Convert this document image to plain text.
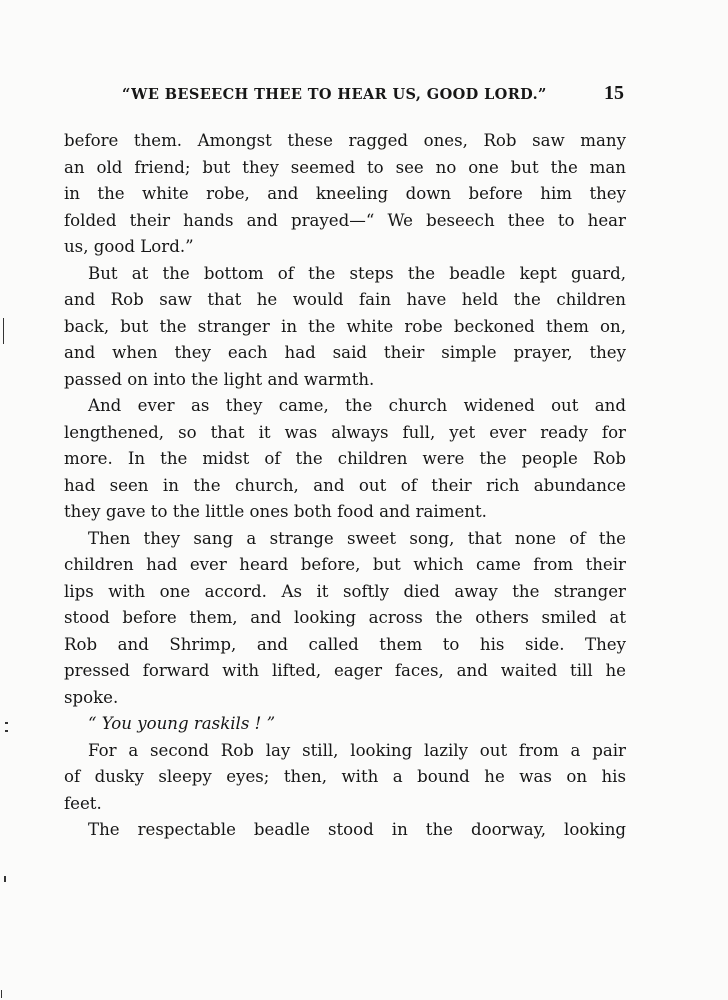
“WE BESEECH THEE TO HEAR US, GOOD LORD.”	15
before them. Amongst these ragged ones, Rob saw many
an old friend; but they seemed to see no one but the man
in the white robe, and kneeling down before him they
folded their hands and prayed—“ We beseech thee to hear
us, good Lord.”
But at the bottom of the steps the beadle kept guard,
and Rob saw that he would fain have held the children
back, but the stranger in the white robe beckoned them on,
and when they each had said their simple prayer, they
passed on into the light and warmth.
And ever as they came, the church widened out and
lengthened, so that it was always full, yet ever ready for
more. In the midst of the children were the people Rob
had seen in the church, and out of their rich abundance
they gave to the little ones both food and raiment.
Then they sang a strange sweet song, that none of the
children had ever heard before, but which came from their
lips with one accord. As it softly died away the stranger
stood before them, and looking across the others smiled at
Rob and Shrimp, and called them to his side. They
pressed forward with lifted, eager faces, and waited till he
spoke.
“ You young raskils ! ”
For a second Rob lay still, looking lazily out from a pair
of dusky sleepy eyes; then, with a bound he was on his
feet.
The respectable beadle stood in the doorway, looking
